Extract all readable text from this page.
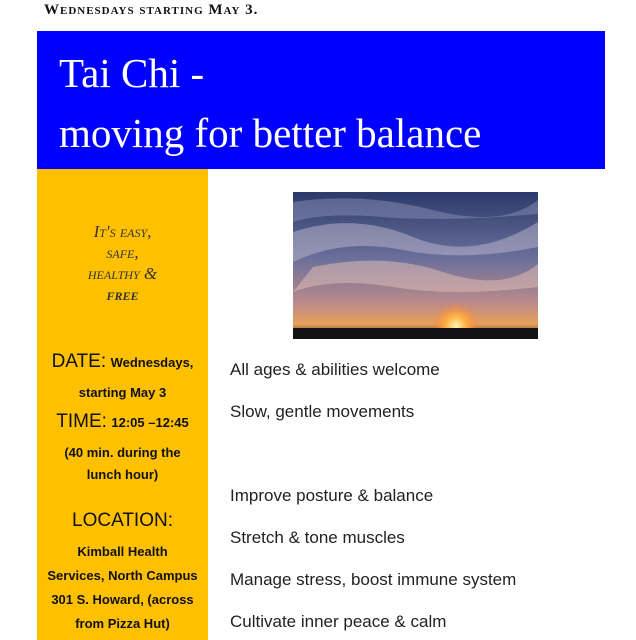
Wednesdays starting May 3.
Tai Chi -
moving for better balance
It's easy,
safe,
healthy &
free
DATE: Wednesdays,
starting May 3
TIME: 12:05 –12:45
(40 min. during the
lunch hour)
LOCATION:
Kimball Health
Services, North Campus
301 S. Howard, (across
from Pizza Hut)
All ages & abilities welcome
Slow, gentle movements
Improve posture & balance
Stretch & tone muscles
Manage stress, boost immune system
Cultivate inner peace & calm
